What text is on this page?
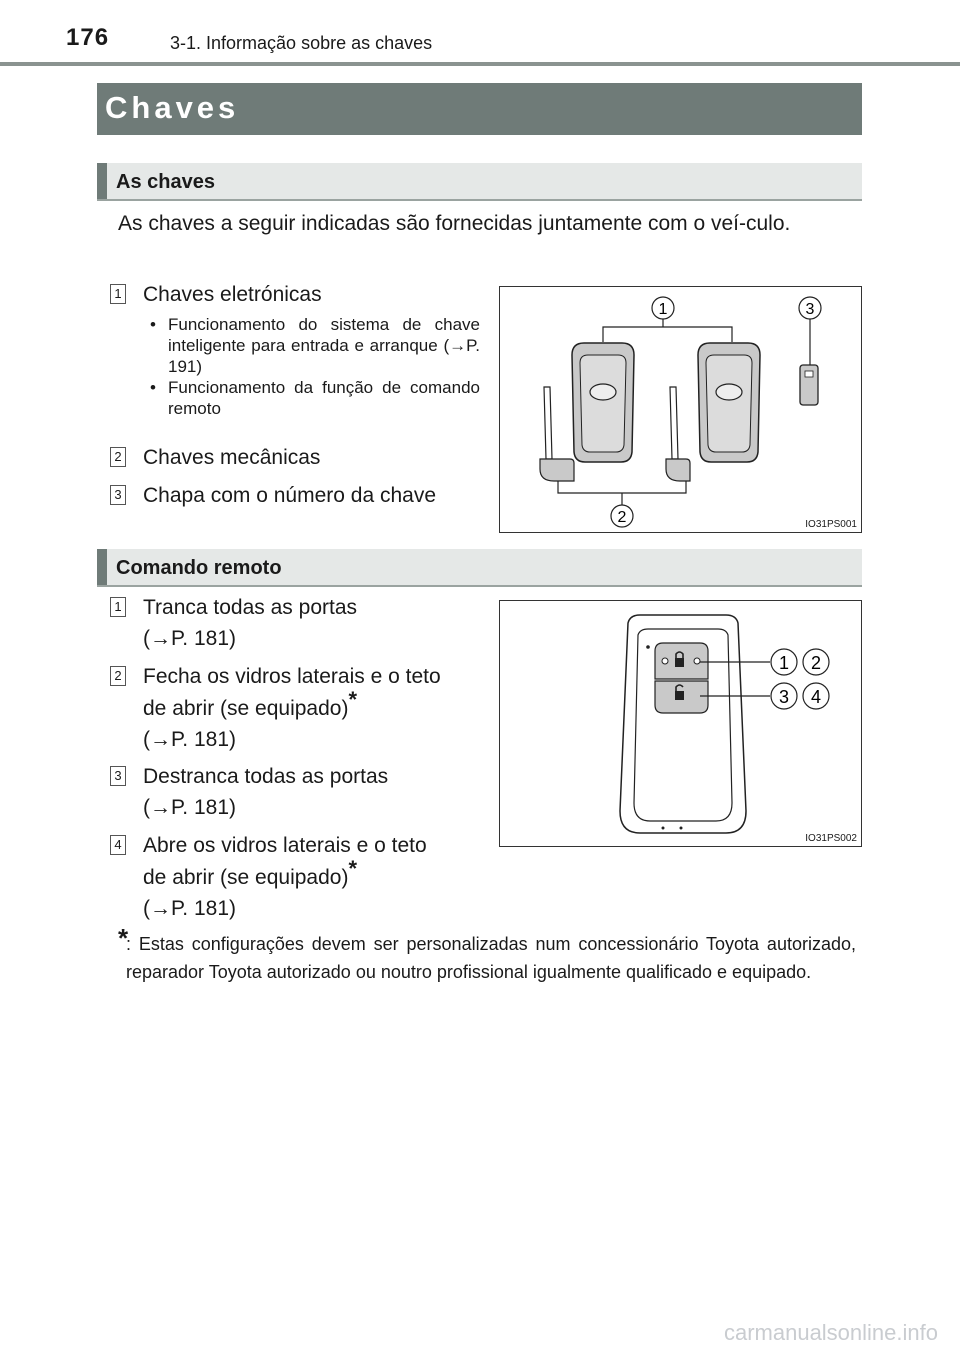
176	3-1. Informação sobre as chaves
Chaves
As chaves
As chaves a seguir indicadas são fornecidas juntamente com o veí-culo.
1 Chaves eletrónicas
• Funcionamento do sistema de chave inteligente para entrada e arranque (→P. 191)
• Funcionamento da função de comando remoto
2 Chaves mecânicas
3 Chapa com o número da chave
1	3
2	IO31PS001
Comando remoto
1 Tranca todas as portas
(→P. 181)
2 Fecha os vidros laterais e o teto
de abrir (se equipado)*
(→P. 181)
3 Destranca todas as portas
(→P. 181)
4 Abre os vidros laterais e o teto
de abrir (se equipado)*
(→P. 181)
1 2
3 4
IO31PS002
*
: Estas configurações devem ser personalizadas num concessionário Toyota autorizado, reparador Toyota autorizado ou noutro profissional igualmente qualificado e equipado.
carmanualsonline.info
